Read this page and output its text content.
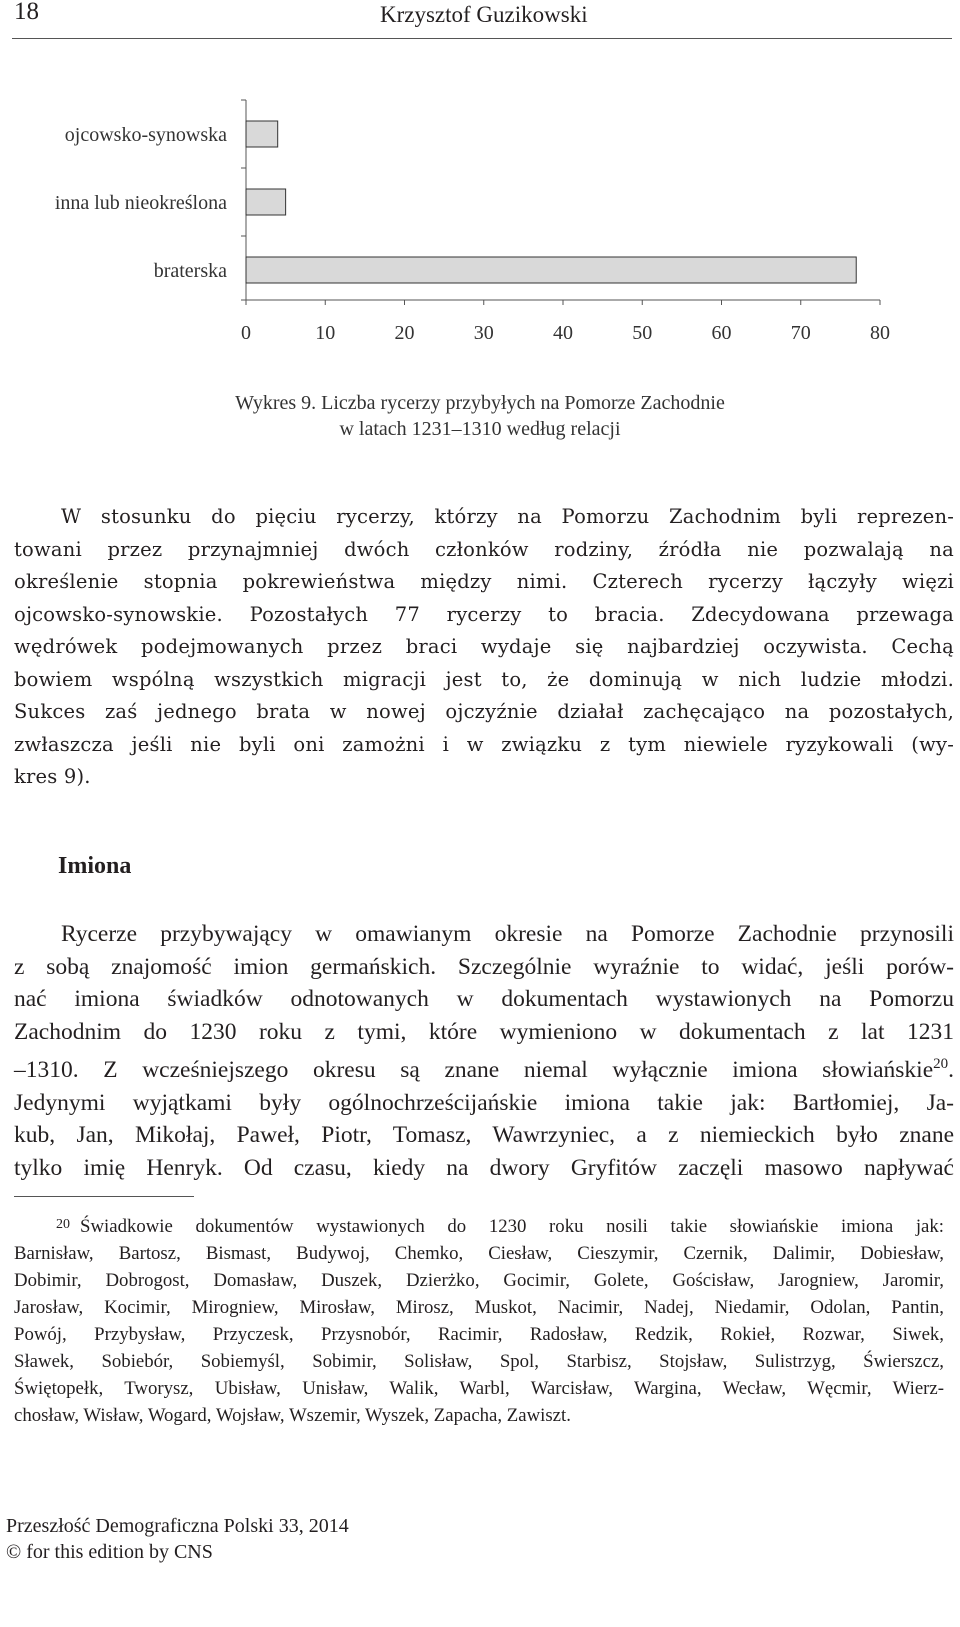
18	Krzysztof Guzikowski
0	10	20	30	40	50	60	70	80
ojcowsko-synowska
inna lub nieokreślona
braterska
Wykres 9. Liczba rycerzy przybyłych na Pomorze Zachodnie
w latach 1231–1310 według relacji
W stosunku do pięciu rycerzy, którzy na Pomorzu Zachodnim byli reprezen-
towani przez przynajmniej dwóch członków rodziny, źródła nie pozwalają na
określenie stopnia pokrewieństwa między nimi. Czterech rycerzy łączyły więzi
ojcowsko-synowskie. Pozostałych 77 rycerzy to bracia. Zdecydowana przewaga
wędrówek podejmowanych przez braci wydaje się najbardziej oczywista. Cechą
bowiem wspólną wszystkich migracji jest to, że dominują w nich ludzie młodzi.
Sukces zaś jednego brata w nowej ojczyźnie działał zachęcająco na pozostałych,
zwłaszcza jeśli nie byli oni zamożni i w związku z tym niewiele ryzykowali (wy-
kres 9).
Imiona
Rycerze przybywający w omawianym okresie na Pomorze Zachodnie przynosili
z sobą znajomość imion germańskich. Szczególnie wyraźnie to widać, jeśli porów-
nać imiona świadków odnotowanych w dokumentach wystawionych na Pomorzu
Zachodnim do 1230 roku z tymi, które wymieniono w dokumentach z lat 1231
–1310. Z wcześniejszego okresu są znane niemal wyłącznie imiona słowiańskie$^{20}$.
Jedynymi wyjątkami były ogólnochrześcijańskie imiona takie jak: Bartłomiej, Ja-
kub, Jan, Mikołaj, Paweł, Piotr, Tomasz, Wawrzyniec, a z niemieckich było znane
tylko imię Henryk. Od czasu, kiedy na dwory Gryfitów zaczęli masowo napływać
$^{20}$ Świadkowie dokumentów wystawionych do 1230 roku nosili takie słowiańskie imiona jak:
Barnisław, Bartosz, Bismast, Budywoj, Chemko, Ciesław, Cieszymir, Czernik, Dalimir, Dobiesław,
Dobimir, Dobrogost, Domasław, Duszek, Dzierżko, Gocimir, Golete, Gościsław, Jarogniew, Jaromir,
Jarosław, Kocimir, Mirogniew, Mirosław, Mirosz, Muskot, Nacimir, Nadej, Niedamir, Odolan, Pantin,
Powój, Przybysław, Przyczesk, Przysnobór, Racimir, Radosław, Redzik, Rokieł, Rozwar, Siwek,
Sławek, Sobiebór, Sobiemyśl, Sobimir, Solisław, Spol, Starbisz, Stojsław, Sulistrzyg, Świerszcz,
Świętopełk, Tworysz, Ubisław, Unisław, Walik, Warbl, Warcisław, Wargina, Wecław, Węcmir, Wierz-
chosław, Wisław, Wogard, Wojsław, Wszemir, Wyszek, Zapacha, Zawiszt.
Przeszłość Demograficzna Polski 33, 2014
© for this edition by CNS
